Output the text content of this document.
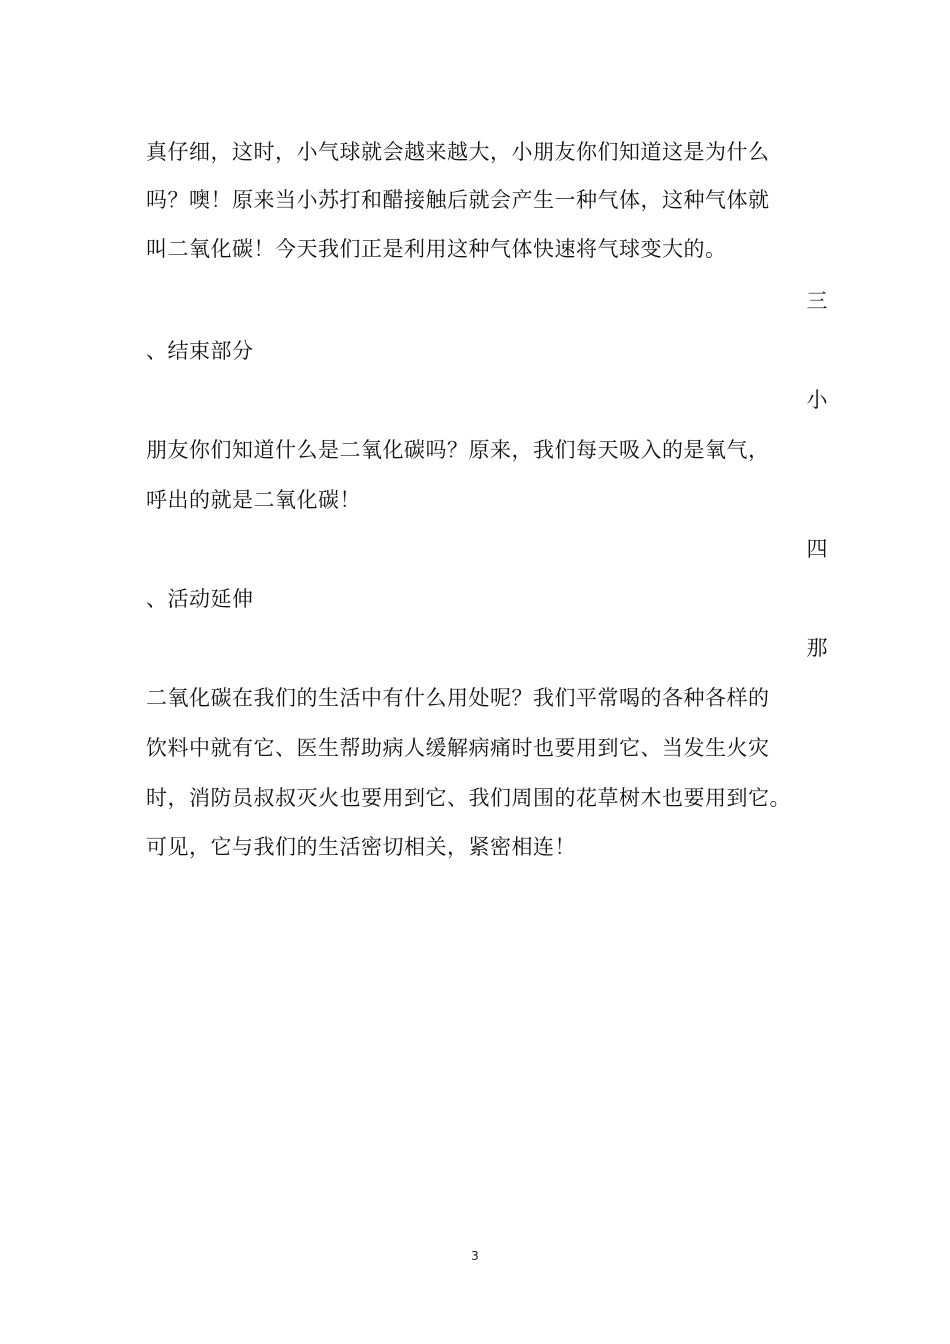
真仔细，这时，小气球就会越来越大，小朋友你们知道这是为什么
吗？噢！原来当小苏打和醋接触后就会产生一种气体，这种气体就
叫二氧化碳！今天我们正是利用这种气体快速将气球变大的。
三
、结束部分
小
朋友你们知道什么是二氧化碳吗？原来，我们每天吸入的是氧气，
呼出的就是二氧化碳！
四
、活动延伸
那
二氧化碳在我们的生活中有什么用处呢？我们平常喝的各种各样的
饮料中就有它、医生帮助病人缓解病痛时也要用到它、当发生火灾
时，消防员叔叔灭火也要用到它、我们周围的花草树木也要用到它。
可见，它与我们的生活密切相关，紧密相连！
3
